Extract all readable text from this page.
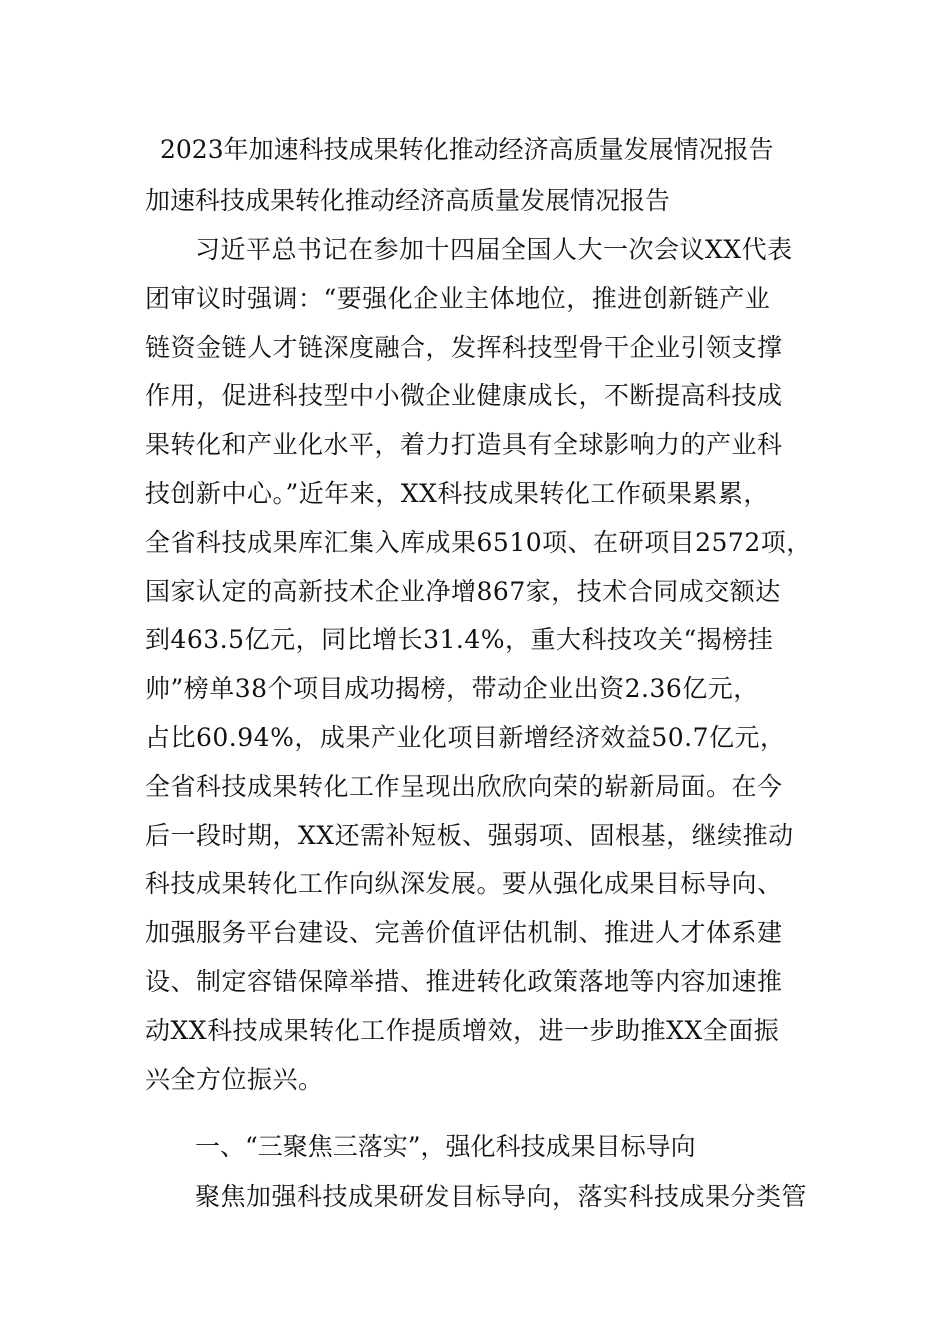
2023年加速科技成果转化推动经济高质量发展情况报告
加速科技成果转化推动经济高质量发展情况报告
习近平总书记在参加十四届全国人大一次会议XX代表
团审议时强调：“要强化企业主体地位，推进创新链产业
链资金链人才链深度融合，发挥科技型骨干企业引领支撑
作用，促进科技型中小微企业健康成长，不断提高科技成
果转化和产业化水平，着力打造具有全球影响力的产业科
技创新中心。”近年来，XX科技成果转化工作硕果累累，
全省科技成果库汇集入库成果6510项、在研项目2572项，
国家认定的高新技术企业净增867家，技术合同成交额达
到463.5亿元，同比增长31.4%，重大科技攻关“揭榜挂
帅”榜单38个项目成功揭榜，带动企业出资2.36亿元，
占比60.94%，成果产业化项目新增经济效益50.7亿元，
全省科技成果转化工作呈现出欣欣向荣的崭新局面。在今
后一段时期，XX还需补短板、强弱项、固根基，继续推动
科技成果转化工作向纵深发展。要从强化成果目标导向、
加强服务平台建设、完善价值评估机制、推进人才体系建
设、制定容错保障举措、推进转化政策落地等内容加速推
动XX科技成果转化工作提质增效，进一步助推XX全面振
兴全方位振兴。
一、“三聚焦三落实”，强化科技成果目标导向
聚焦加强科技成果研发目标导向，落实科技成果分类管
